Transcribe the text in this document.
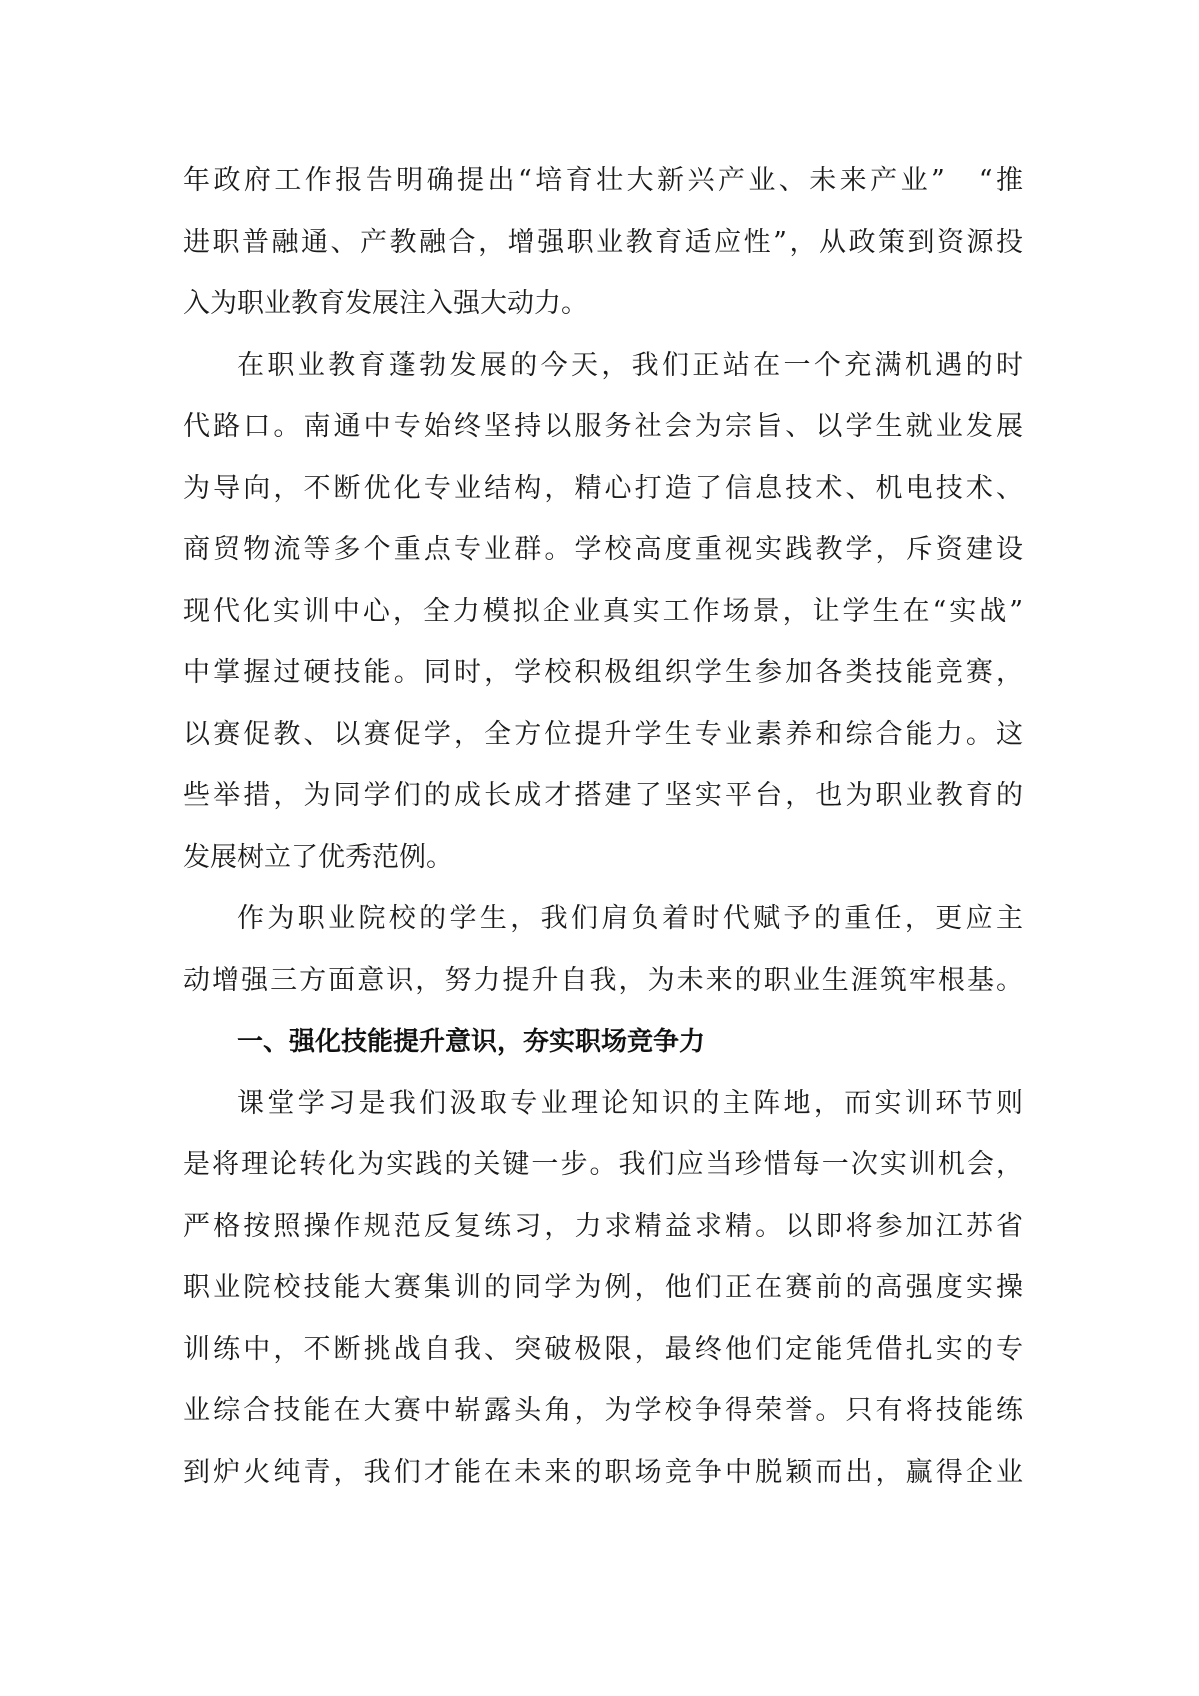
年政府工作报告明确提出“培育壮大新兴产业、未来产业”　“推
进职普融通、产教融合，增强职业教育适应性”，从政策到资源投
入为职业教育发展注入强大动力。
在职业教育蓬勃发展的今天，我们正站在一个充满机遇的时
代路口。南通中专始终坚持以服务社会为宗旨、以学生就业发展
为导向，不断优化专业结构，精心打造了信息技术、机电技术、
商贸物流等多个重点专业群。学校高度重视实践教学，斥资建设
现代化实训中心，全力模拟企业真实工作场景，让学生在“实战”
中掌握过硬技能。同时，学校积极组织学生参加各类技能竞赛，
以赛促教、以赛促学，全方位提升学生专业素养和综合能力。这
些举措，为同学们的成长成才搭建了坚实平台，也为职业教育的
发展树立了优秀范例。
作为职业院校的学生，我们肩负着时代赋予的重任，更应主
动增强三方面意识，努力提升自我，为未来的职业生涯筑牢根基。
一、强化技能提升意识，夯实职场竞争力
课堂学习是我们汲取专业理论知识的主阵地，而实训环节则
是将理论转化为实践的关键一步。我们应当珍惜每一次实训机会，
严格按照操作规范反复练习，力求精益求精。以即将参加江苏省
职业院校技能大赛集训的同学为例，他们正在赛前的高强度实操
训练中，不断挑战自我、突破极限，最终他们定能凭借扎实的专
业综合技能在大赛中崭露头角，为学校争得荣誉。只有将技能练
到炉火纯青，我们才能在未来的职场竞争中脱颖而出，赢得企业
